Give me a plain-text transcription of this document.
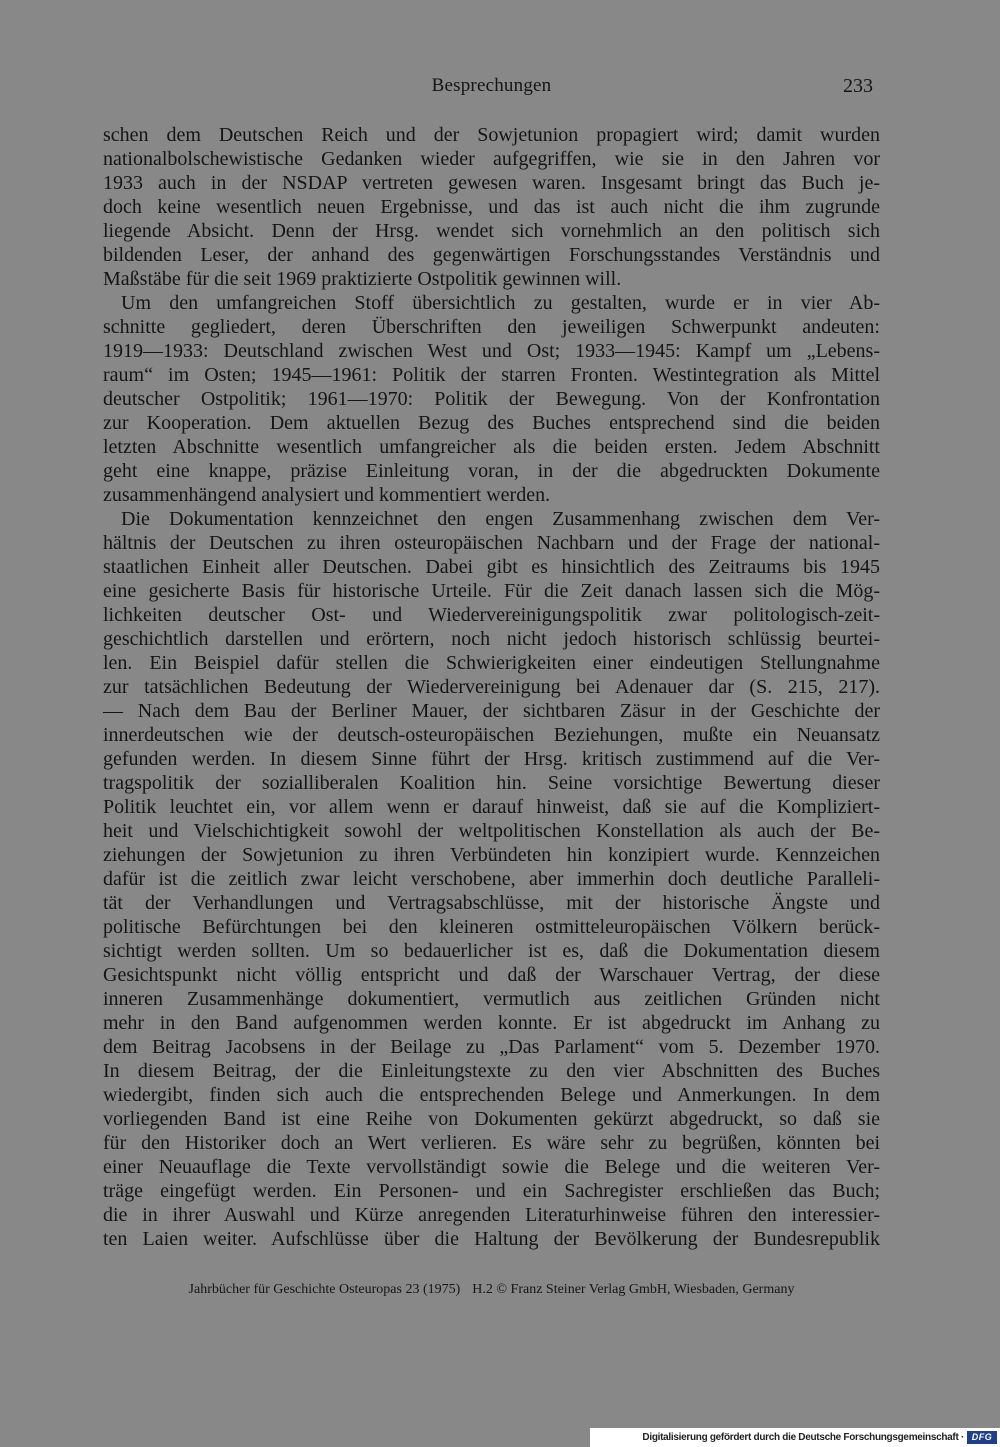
Besprechungen	233
schen dem Deutschen Reich und der Sowjetunion propagiert wird; damit wurden
nationalbolschewistische Gedanken wieder aufgegriffen, wie sie in den Jahren vor
1933 auch in der NSDAP vertreten gewesen waren. Insgesamt bringt das Buch je-
doch keine wesentlich neuen Ergebnisse, und das ist auch nicht die ihm zugrunde
liegende Absicht. Denn der Hrsg. wendet sich vornehmlich an den politisch sich
bildenden Leser, der anhand des gegenwärtigen Forschungsstandes Verständnis und
Maßstäbe für die seit 1969 praktizierte Ostpolitik gewinnen will.
Um den umfangreichen Stoff übersichtlich zu gestalten, wurde er in vier Ab-
schnitte gegliedert, deren Überschriften den jeweiligen Schwerpunkt andeuten:
1919—1933: Deutschland zwischen West und Ost; 1933—1945: Kampf um „Lebens-
raum“ im Osten; 1945—1961: Politik der starren Fronten. Westintegration als Mittel
deutscher Ostpolitik; 1961—1970: Politik der Bewegung. Von der Konfrontation
zur Kooperation. Dem aktuellen Bezug des Buches entsprechend sind die beiden
letzten Abschnitte wesentlich umfangreicher als die beiden ersten. Jedem Abschnitt
geht eine knappe, präzise Einleitung voran, in der die abgedruckten Dokumente
zusammenhängend analysiert und kommentiert werden.
Die Dokumentation kennzeichnet den engen Zusammenhang zwischen dem Ver-
hältnis der Deutschen zu ihren osteuropäischen Nachbarn und der Frage der national-
staatlichen Einheit aller Deutschen. Dabei gibt es hinsichtlich des Zeitraums bis 1945
eine gesicherte Basis für historische Urteile. Für die Zeit danach lassen sich die Mög-
lichkeiten deutscher Ost- und Wiedervereinigungspolitik zwar politologisch-zeit-
geschichtlich darstellen und erörtern, noch nicht jedoch historisch schlüssig beurtei-
len. Ein Beispiel dafür stellen die Schwierigkeiten einer eindeutigen Stellungnahme
zur tatsächlichen Bedeutung der Wiedervereinigung bei Adenauer dar (S. 215, 217).
— Nach dem Bau der Berliner Mauer, der sichtbaren Zäsur in der Geschichte der
innerdeutschen wie der deutsch-osteuropäischen Beziehungen, mußte ein Neuansatz
gefunden werden. In diesem Sinne führt der Hrsg. kritisch zustimmend auf die Ver-
tragspolitik der sozialliberalen Koalition hin. Seine vorsichtige Bewertung dieser
Politik leuchtet ein, vor allem wenn er darauf hinweist, daß sie auf die Kompliziert-
heit und Vielschichtigkeit sowohl der weltpolitischen Konstellation als auch der Be-
ziehungen der Sowjetunion zu ihren Verbündeten hin konzipiert wurde. Kennzeichen
dafür ist die zeitlich zwar leicht verschobene, aber immerhin doch deutliche Paralleli-
tät der Verhandlungen und Vertragsabschlüsse, mit der historische Ängste und
politische Befürchtungen bei den kleineren ostmitteleuropäischen Völkern berück-
sichtigt werden sollten. Um so bedauerlicher ist es, daß die Dokumentation diesem
Gesichtspunkt nicht völlig entspricht und daß der Warschauer Vertrag, der diese
inneren Zusammenhänge dokumentiert, vermutlich aus zeitlichen Gründen nicht
mehr in den Band aufgenommen werden konnte. Er ist abgedruckt im Anhang zu
dem Beitrag Jacobsens in der Beilage zu „Das Parlament“ vom 5. Dezember 1970.
In diesem Beitrag, der die Einleitungstexte zu den vier Abschnitten des Buches
wiedergibt, finden sich auch die entsprechenden Belege und Anmerkungen. In dem
vorliegenden Band ist eine Reihe von Dokumenten gekürzt abgedruckt, so daß sie
für den Historiker doch an Wert verlieren. Es wäre sehr zu begrüßen, könnten bei
einer Neuauflage die Texte vervollständigt sowie die Belege und die weiteren Ver-
träge eingefügt werden. Ein Personen- und ein Sachregister erschließen das Buch;
die in ihrer Auswahl und Kürze anregenden Literaturhinweise führen den interessier-
ten Laien weiter. Aufschlüsse über die Haltung der Bevölkerung der Bundesrepublik
Jahrbücher für Geschichte Osteuropas 23 (1975) H.2 © Franz Steiner Verlag GmbH, Wiesbaden, Germany
Digitalisierung gefördert durch die Deutsche Forschungsgemeinschaft · DFG
